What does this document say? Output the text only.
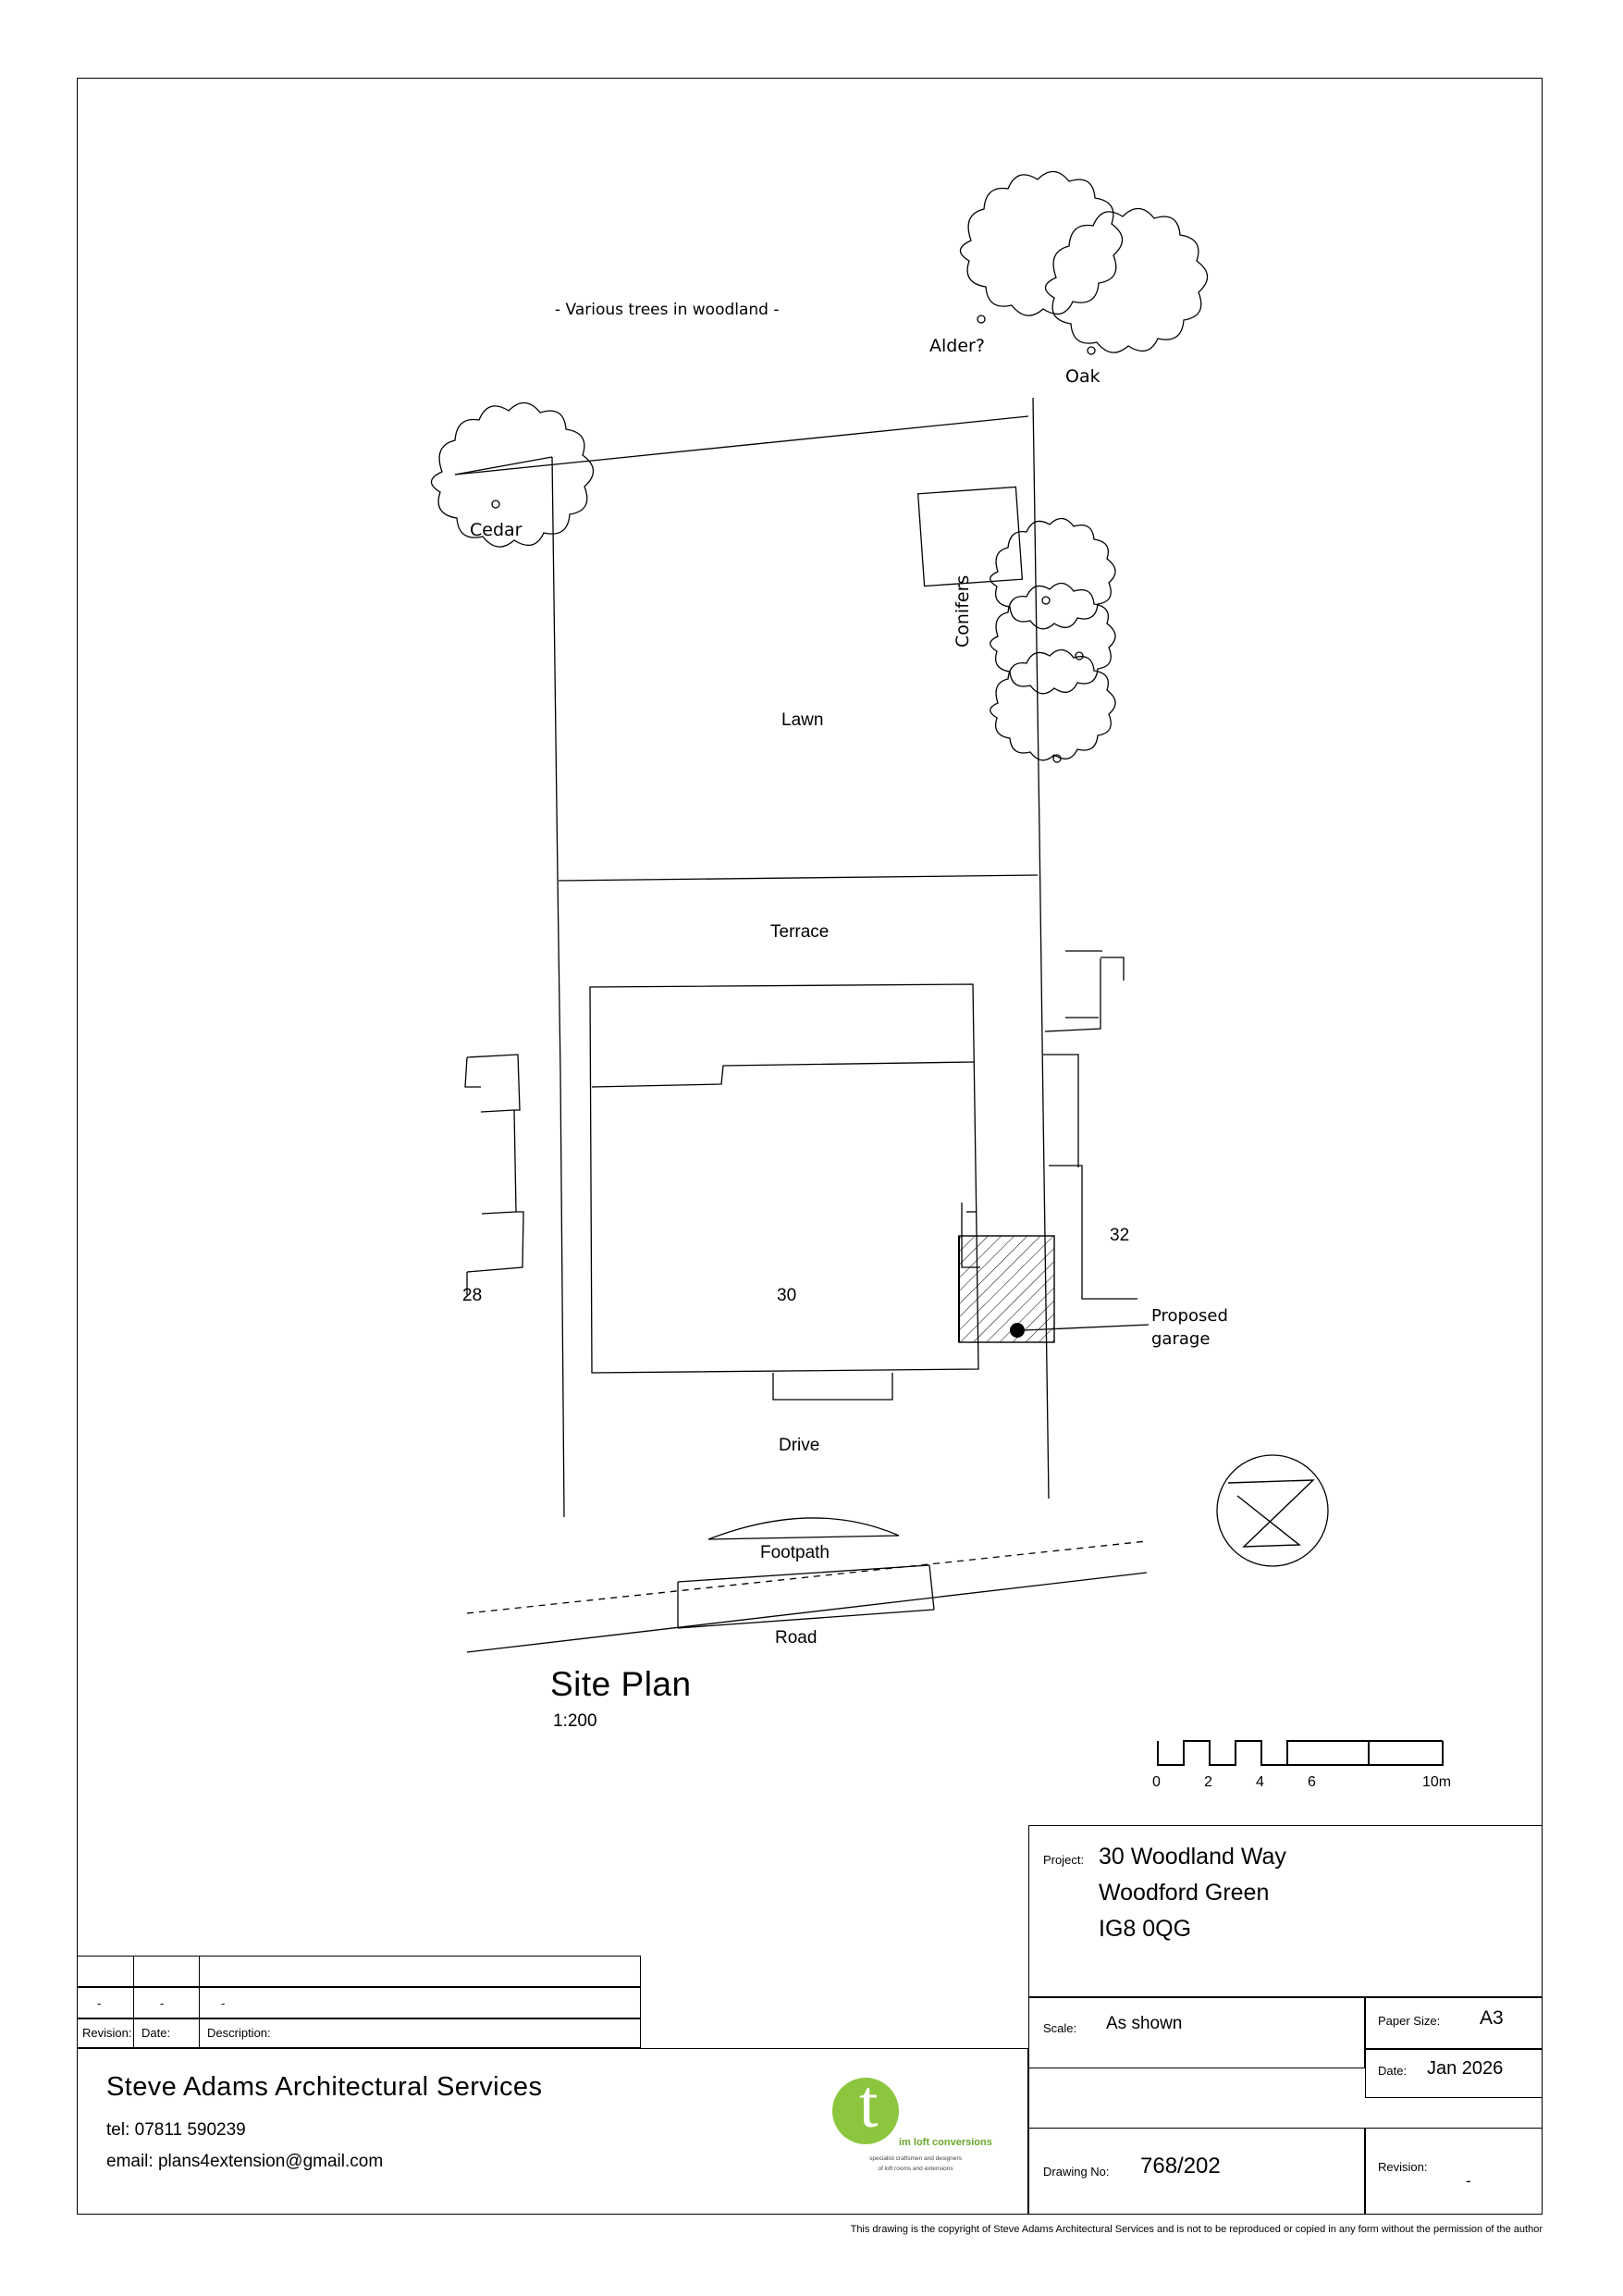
- Various trees in woodland -
Alder?
Oak
Cedar
Conifers
Lawn
Terrace
28	30
32
Proposed
garage
Drive
Footpath
Road
Site Plan
1:200
0	2	4	6	10m
Revision: Date:	Description:
-	-	-
Project: 30 Woodland Way
Woodford Green
IG8 0QG
Scale: As shown	Paper Size: A3
Date: Jan 2026
Drawing No: 768/202	Revision:
-
Steve Adams Architectural Services
tel: 07811 590239
email: plans4extension@gmail.com
t im loft conversions
specialist craftsmen and designers
of loft rooms and extensions
This drawing is the copyright of Steve Adams Architectural Services and is not to be reproduced or copied in any form without the permission of the author
